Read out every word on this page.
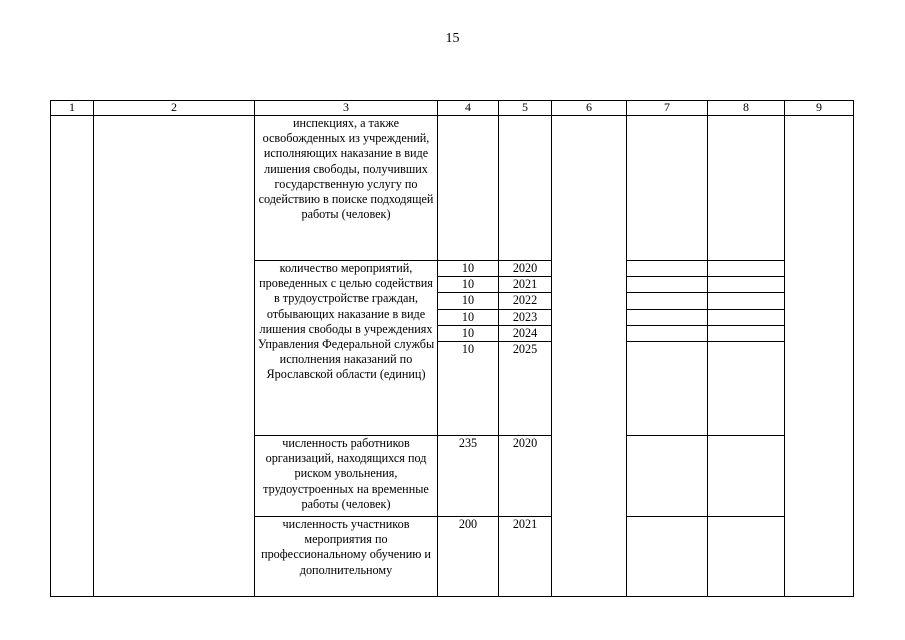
15
1	2	3	4	5	6	7	8	9
		инспекциях, а также освобожденных из учреждений, исполняющих наказание в виде лишения свободы, получивших государственную услугу по содействию в поиске подходящей работы (человек)						
		количество мероприятий, проведенных с целью содействия в трудоустройстве граждан, отбывающих наказание в виде лишения свободы в учреждениях Управления Федеральной службы исполнения наказаний по Ярославской области (единиц)	10	2020				
			10	2021				
			10	2022				
			10	2023				
			10	2024				
			10	2025				
		численность работников организаций, находящихся под риском увольнения, трудоустроенных на временные работы (человек)	235	2020				
		численность участников мероприятия по профессиональному обучению и дополнительному	200	2021				
